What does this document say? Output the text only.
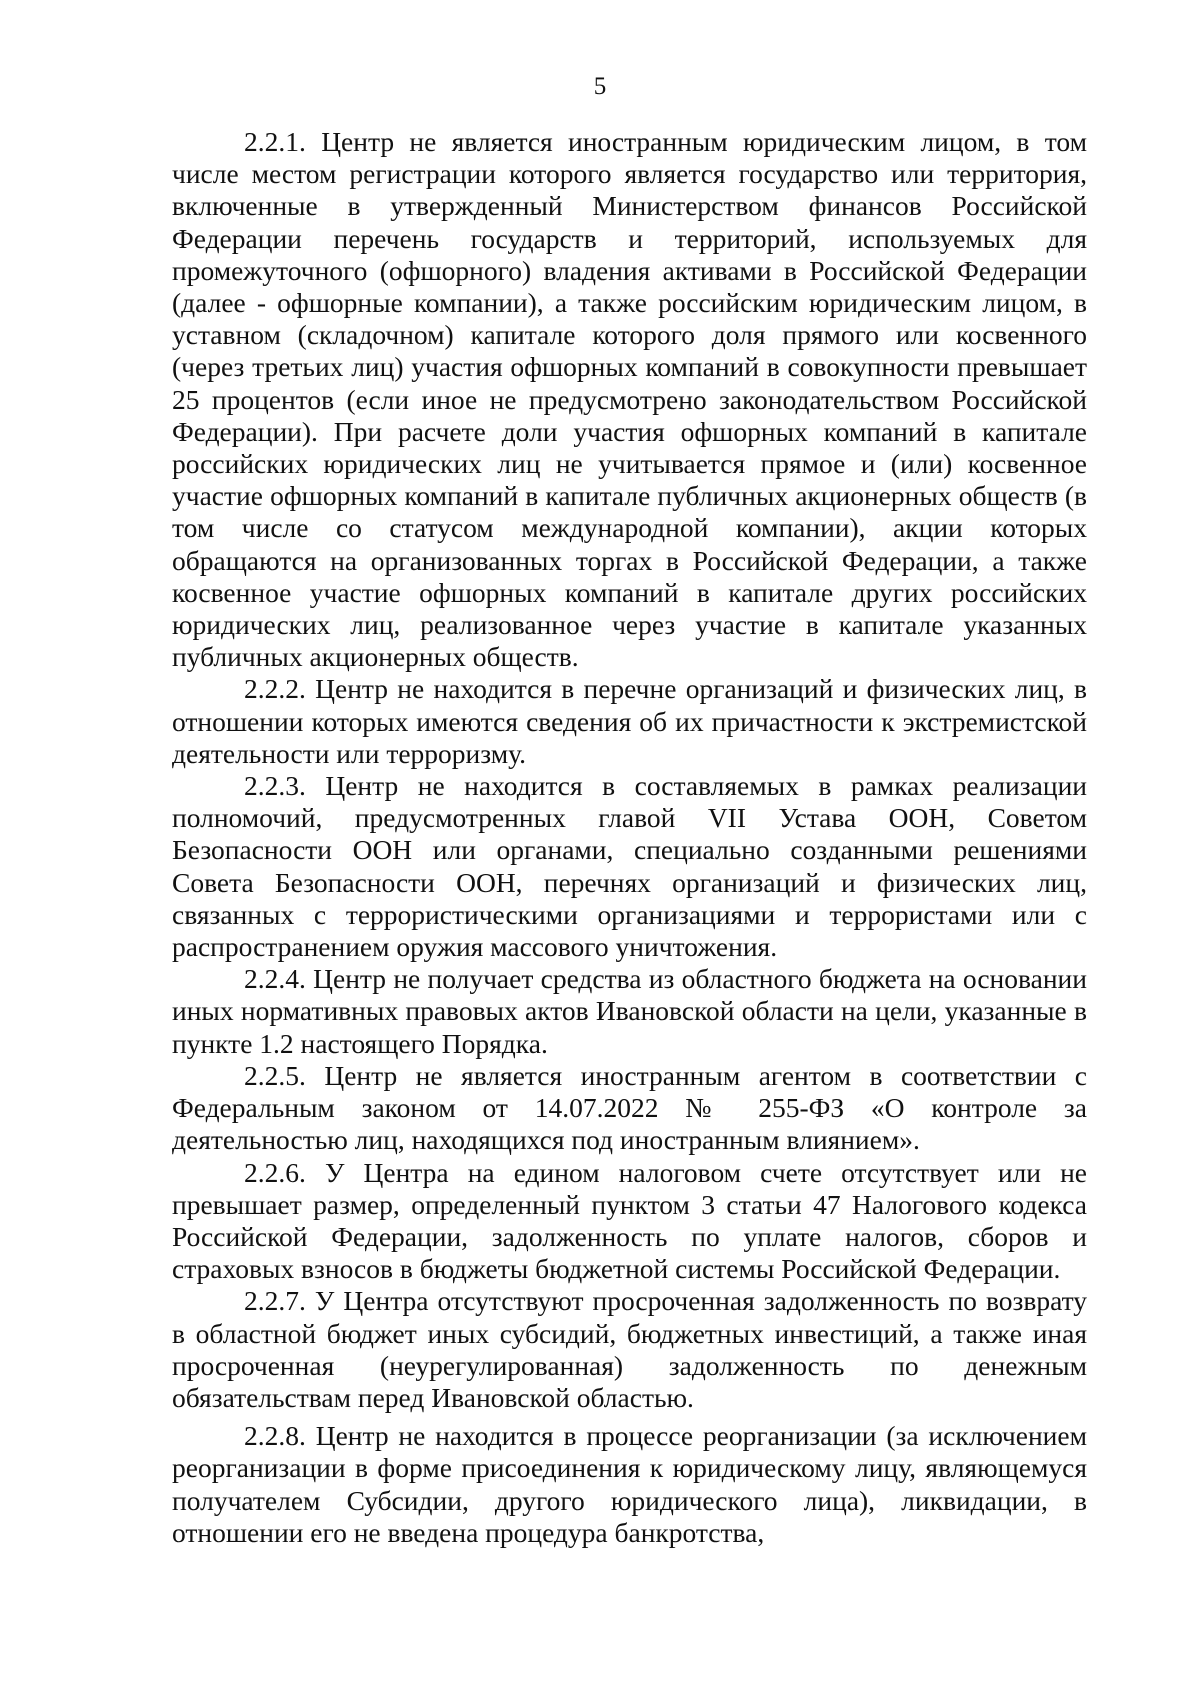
5

2.2.1. Центр не является иностранным юридическим лицом, в том числе местом регистрации которого является государство или территория, включенные в утвержденный Министерством финансов Российской Федерации перечень государств и территорий, используемых для промежуточного (офшорного) владения активами в Российской Федерации (далее - офшорные компании), а также российским юридическим лицом, в уставном (складочном) капитале которого доля прямого или косвенного (через третьих лиц) участия офшорных компаний в совокупности превышает 25 процентов (если иное не предусмотрено законодательством Российской Федерации). При расчете доли участия офшорных компаний в капитале российских юридических лиц не учитывается прямое и (или) косвенное участие офшорных компаний в капитале публичных акционерных обществ (в том числе со статусом международной компании), акции которых обращаются на организованных торгах в Российской Федерации, а также косвенное участие офшорных компаний в капитале других российских юридических лиц, реализованное через участие в капитале указанных публичных акционерных обществ.

2.2.2. Центр не находится в перечне организаций и физических лиц, в отношении которых имеются сведения об их причастности к экстремистской деятельности или терроризму.

2.2.3. Центр не находится в составляемых в рамках реализации полномочий, предусмотренных главой VII Устава ООН, Советом Безопасности ООН или органами, специально созданными решениями Совета Безопасности ООН, перечнях организаций и физических лиц, связанных с террористическими организациями и террористами или с распространением оружия массового уничтожения.

2.2.4. Центр не получает средства из областного бюджета на основании иных нормативных правовых актов Ивановской области на цели, указанные в пункте 1.2 настоящего Порядка.

2.2.5. Центр не является иностранным агентом в соответствии с Федеральным законом от 14.07.2022 № 255-ФЗ «О контроле за деятельностью лиц, находящихся под иностранным влиянием».

2.2.6. У Центра на едином налоговом счете отсутствует или не превышает размер, определенный пунктом 3 статьи 47 Налогового кодекса Российской Федерации, задолженность по уплате налогов, сборов и страховых взносов в бюджеты бюджетной системы Российской Федерации.

2.2.7. У Центра отсутствуют просроченная задолженность по возврату в областной бюджет иных субсидий, бюджетных инвестиций, а также иная просроченная (неурегулированная) задолженность по денежным обязательствам перед Ивановской областью.

2.2.8. Центр не находится в процессе реорганизации (за исключением реорганизации в форме присоединения к юридическому лицу, являющемуся получателем Субсидии, другого юридического лица), ликвидации, в отношении его не введена процедура банкротства,
